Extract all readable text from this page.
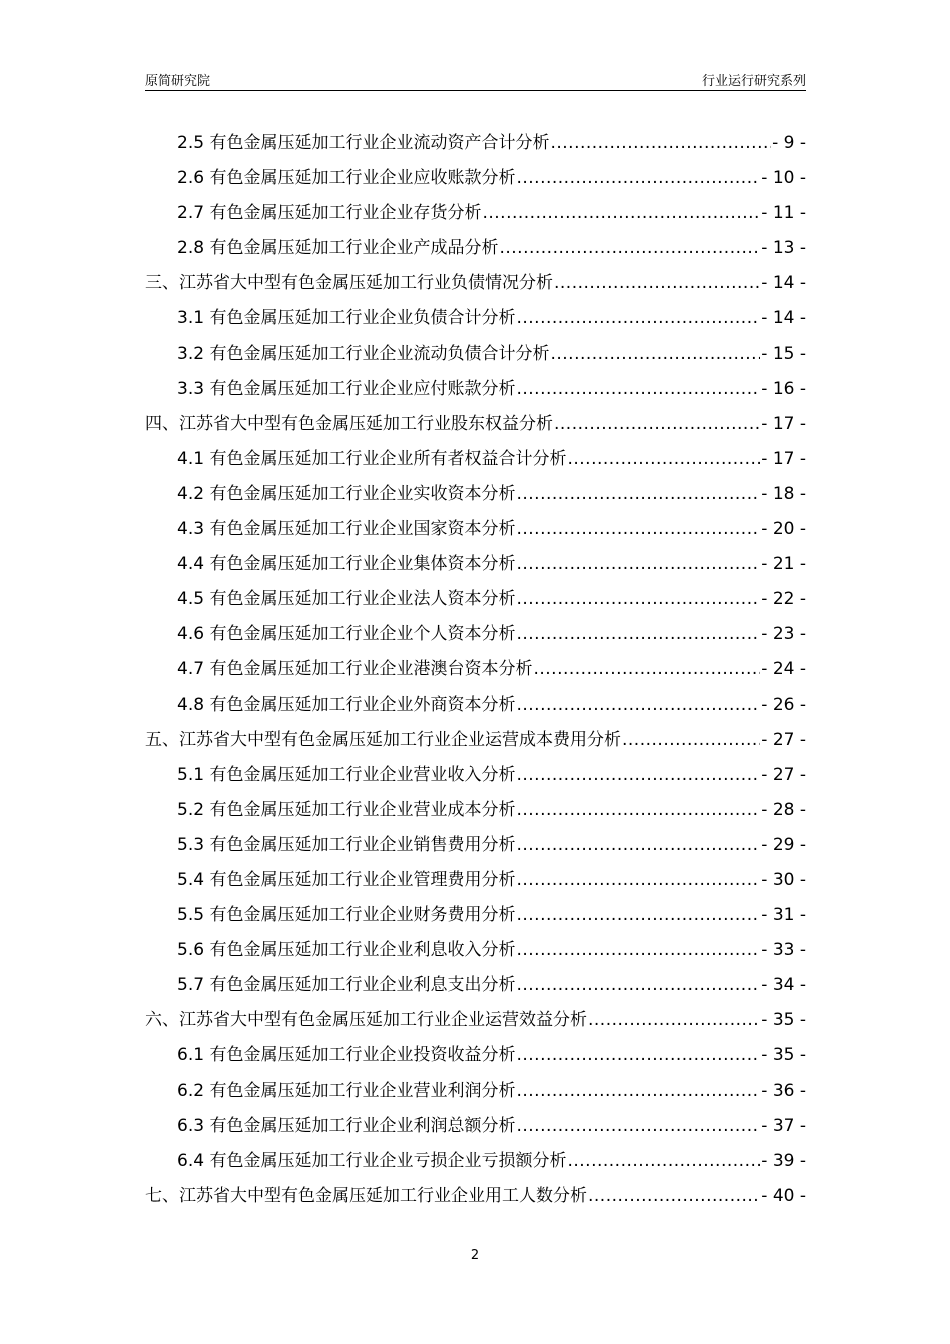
原简研究院	行业运行研究系列
2.5 有色金属压延加工行业企业流动资产合计分析 .....	- 9 -
2.6 有色金属压延加工行业企业应收账款分析 .....	- 10 -
2.7 有色金属压延加工行业企业存货分析 .....	- 11 -
2.8 有色金属压延加工行业企业产成品分析 .....	- 13 -
三、江苏省大中型有色金属压延加工行业负债情况分析 .....	- 14 -
3.1 有色金属压延加工行业企业负债合计分析 .....	- 14 -
3.2 有色金属压延加工行业企业流动负债合计分析 .....	- 15 -
3.3 有色金属压延加工行业企业应付账款分析 .....	- 16 -
四、江苏省大中型有色金属压延加工行业股东权益分析 .....	- 17 -
4.1 有色金属压延加工行业企业所有者权益合计分析 .....	- 17 -
4.2 有色金属压延加工行业企业实收资本分析 .....	- 18 -
4.3 有色金属压延加工行业企业国家资本分析 .....	- 20 -
4.4 有色金属压延加工行业企业集体资本分析 .....	- 21 -
4.5 有色金属压延加工行业企业法人资本分析 .....	- 22 -
4.6 有色金属压延加工行业企业个人资本分析 .....	- 23 -
4.7 有色金属压延加工行业企业港澳台资本分析 .....	- 24 -
4.8 有色金属压延加工行业企业外商资本分析 .....	- 26 -
五、江苏省大中型有色金属压延加工行业企业运营成本费用分析 .....	- 27 -
5.1 有色金属压延加工行业企业营业收入分析 .....	- 27 -
5.2 有色金属压延加工行业企业营业成本分析 .....	- 28 -
5.3 有色金属压延加工行业企业销售费用分析 .....	- 29 -
5.4 有色金属压延加工行业企业管理费用分析 .....	- 30 -
5.5 有色金属压延加工行业企业财务费用分析 .....	- 31 -
5.6 有色金属压延加工行业企业利息收入分析 .....	- 33 -
5.7 有色金属压延加工行业企业利息支出分析 .....	- 34 -
六、江苏省大中型有色金属压延加工行业企业运营效益分析 .....	- 35 -
6.1 有色金属压延加工行业企业投资收益分析 .....	- 35 -
6.2 有色金属压延加工行业企业营业利润分析 .....	- 36 -
6.3 有色金属压延加工行业企业利润总额分析 .....	- 37 -
6.4 有色金属压延加工行业企业亏损企业亏损额分析 .....	- 39 -
七、江苏省大中型有色金属压延加工行业企业用工人数分析 .....	- 40 -
2
